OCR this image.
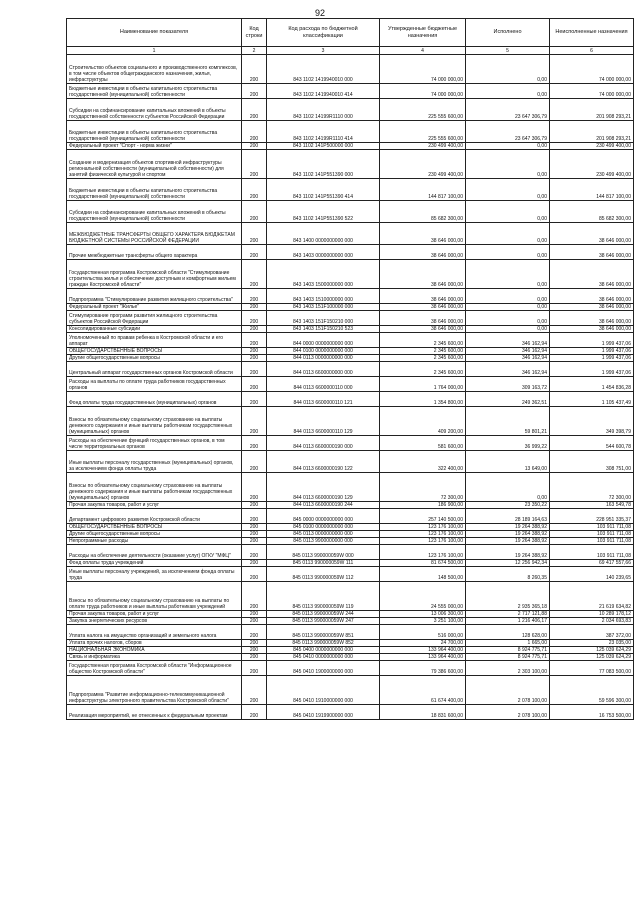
92
Наименование показателя	Код строки	Код расхода по бюджетной классификации	Утвержденные бюджетные назначения	Исполнено	Неисполненные назначения
1	2	3	4	5	6
Строительство объектов социального и производственного комплексов, в том числе объектов общегражданского назначения, жилья, инфраструктуры	200	843 1102 1419940010 000	74 000 000,00	0,00	74 000 000,00
Бюджетные инвестиции в объекты капитального строительства государственной (муниципальной) собственности	200	843 1102 1419940010 414	74 000 000,00	0,00	74 000 000,00
Субсидии на софинансирование капитальных вложений в объекты государственной собственности субъектов Российской Федерации	200	843 1102 14199R1110 000	225 555 600,00	23 647 306,79	201 908 293,21
Бюджетные инвестиции в объекты капитального строительства государственной (муниципальной) собственности	200	843 1102 14199R1110 414	225 555 600,00	23 647 306,79	201 908 293,21
Федеральный проект "Спорт - норма жизни"	200	843 1102 141P500000 000	230 499 400,00	0,00	230 499 400,00
Создание и модернизация объектов спортивной инфраструктуры региональной собственности (муниципальной собственности) для занятий физической культурой и спортом	200	843 1102 141P551390 000	230 499 400,00	0,00	230 499 400,00
Бюджетные инвестиции в объекты капитального строительства государственной (муниципальной) собственности	200	843 1102 141P551390 414	144 817 100,00	0,00	144 817 100,00
Субсидии на софинансирование капитальных вложений в объекты государственной (муниципальной) собственности	200	843 1102 141P551390 522	85 682 300,00	0,00	85 682 300,00
МЕЖБЮДЖЕТНЫЕ ТРАНСФЕРТЫ ОБЩЕГО ХАРАКТЕРА БЮДЖЕТАМ БЮДЖЕТНОЙ СИСТЕМЫ РОССИЙСКОЙ ФЕДЕРАЦИИ	200	843 1400 0000000000 000	38 646 000,00	0,00	38 646 000,00
Прочие межбюджетные трансферты общего характера	200	843 1403 0000000000 000	38 646 000,00	0,00	38 646 000,00
Государственная программа Костромской области "Стимулирование строительства жилья и обеспечение доступным и комфортным жильем граждан Костромской области"	200	843 1403 1500000000 000	38 646 000,00	0,00	38 646 000,00
Подпрограмма "Стимулирование развития жилищного строительства"	200	843 1403 1510000000 000	38 646 000,00	0,00	38 646 000,00
Федеральный проект "Жилье"	200	843 1403 151F100000 000	38 646 000,00	0,00	38 646 000,00
Стимулирование программ развития жилищного строительства субъектов Российской Федерации	200	843 1403 151F150210 000	38 646 000,00	0,00	38 646 000,00
Консолидированные субсидии	200	843 1403 151F150210 523	38 646 000,00	0,00	38 646 000,00
Уполномоченный по правам ребенка в Костромской области и его аппарат	200	844 0000 0000000000 000	2 345 600,00	346 162,94	1 999 437,06
ОБЩЕГОСУДАРСТВЕННЫЕ ВОПРОСЫ	200	844 0100 0000000000 000	2 345 600,00	346 162,94	1 999 437,06
Другие общегосударственные вопросы	200	844 0113 0000000000 000	2 345 600,00	346 162,94	1 999 437,06
Центральный аппарат государственных органов Костромской области	200	844 0113 6600000000 000	2 345 600,00	346 162,94	1 999 437,06
Расходы на выплаты по оплате труда работников государственных органов	200	844 0113 6600000110 000	1 764 000,00	309 163,72	1 454 836,28
Фонд оплаты труда государственных (муниципальных) органов	200	844 0113 6600000110 121	1 354 800,00	249 362,51	1 105 437,49
Взносы по обязательному социальному страхованию на выплаты денежного содержания и иные выплаты работникам государственных (муниципальных) органов	200	844 0113 6600000110 129	409 200,00	59 801,21	349 398,79
Расходы на обеспечение функций государственных органов, в том числе территориальных органов	200	844 0113 6600000190 000	581 600,00	36 999,22	544 600,78
Иные выплаты персоналу государственных (муниципальных) органов, за исключением фонда оплаты труда	200	844 0113 6600000190 122	322 400,00	13 649,00	308 751,00
Взносы по обязательному социальному страхованию на выплаты денежного содержания и иные выплаты работникам государственных (муниципальных) органов	200	844 0113 6600000190 129	72 300,00	0,00	72 300,00
Прочая закупка товаров, работ и услуг	200	844 0113 6600000190 244	186 900,00	23 350,22	163 549,78
Департамент цифрового развития Костромской области	200	845 0000 0000000000 000	257 140 500,00	28 189 164,63	228 951 335,37
ОБЩЕГОСУДАРСТВЕННЫЕ ВОПРОСЫ	200	845 0100 0000000000 000	123 176 100,00	19 264 388,92	103 911 711,08
Другие общегосударственные вопросы	200	845 0113 0000000000 000	123 176 100,00	19 264 388,92	103 911 711,08
Непрограммные расходы	200	845 0113 9900000000 000	123 176 100,00	19 264 388,92	103 911 711,08
Расходы на обеспечение деятельности (оказание услуг) ОГКУ "МФЦ"	200	845 0113 990000059W 000	123 176 100,00	19 264 388,92	103 911 711,08
Фонд оплаты труда учреждений	200	845 0113 990000059W 111	81 674 500,00	12 256 942,34	69 417 557,66
Иные выплаты персоналу учреждений, за исключением фонда оплаты труда	200	845 0113 990000059W 112	148 500,00	8 260,35	140 239,65
Взносы по обязательному социальному страхованию на выплаты по оплате труда работников и иные выплаты работникам учреждений	200	845 0113 990000059W 119	24 555 000,00	2 935 365,18	21 619 634,82
Прочая закупка товаров, работ и услуг	200	845 0113 990000059W 244	13 006 300,00	2 717 121,88	10 289 178,12
Закупка энергетических ресурсов	200	845 0113 990000059W 247	3 251 100,00	1 216 406,17	2 034 693,83
Уплата налога на имущество организаций и земельного налога	200	845 0113 990000059W 851	516 000,00	128 628,00	387 372,00
Уплата прочих налогов, сборов	200	845 0113 990000059W 852	24 700,00	1 665,00	23 035,00
НАЦИОНАЛЬНАЯ ЭКОНОМИКА	200	845 0400 0000000000 000	133 964 400,00	8 924 775,71	125 039 624,29
Связь и информатика	200	845 0410 0000000000 000	133 964 400,00	8 924 775,71	125 039 624,29
Государственная программа Костромской области "Информационное общество Костромской области"	200	845 0410 1900000000 000	79 386 600,00	2 303 100,00	77 083 500,00
Подпрограмма "Развитие информационно-телекоммуникационной инфраструктуры электронного правительства Костромской области"	200	845 0410 1910000000 000	61 674 400,00	2 078 100,00	59 596 300,00
Реализация мероприятий, не отнесенных к федеральным проектам	200	845 0410 1919900000 000	18 831 600,00	2 078 100,00	16 753 500,00
